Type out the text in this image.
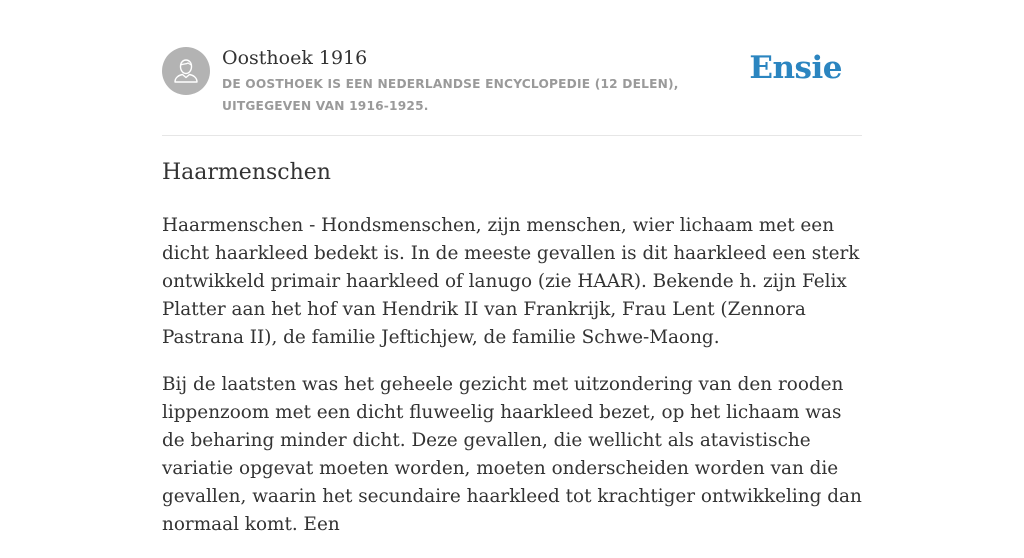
Oosthoek 1916
DE OOSTHOEK IS EEN NEDERLANDSE ENCYCLOPEDIE (12 DELEN), UITGEGEVEN VAN 1916-1925.
Ensie
Haarmenschen

Haarmenschen - Hondsmenschen, zijn menschen, wier lichaam met een dicht haarkleed bedekt is. In de meeste gevallen is dit haarkleed een sterk ontwikkeld primair haarkleed of lanugo (zie HAAR). Bekende h. zijn Felix Platter aan het hof van Hendrik II van Frankrijk, Frau Lent (Zennora Pastrana II), de familie Jeftichjew, de familie Schwe-Maong.

Bij de laatsten was het geheele gezicht met uitzondering van den rooden lippenzoom met een dicht fluweelig haarkleed bezet, op het lichaam was de beharing minder dicht. Deze gevallen, die wellicht als atavistische variatie opgevat moeten worden, moeten onderscheiden worden van die gevallen, waarin het secundaire haarkleed tot krachtiger ontwikkeling dan normaal komt. Een
